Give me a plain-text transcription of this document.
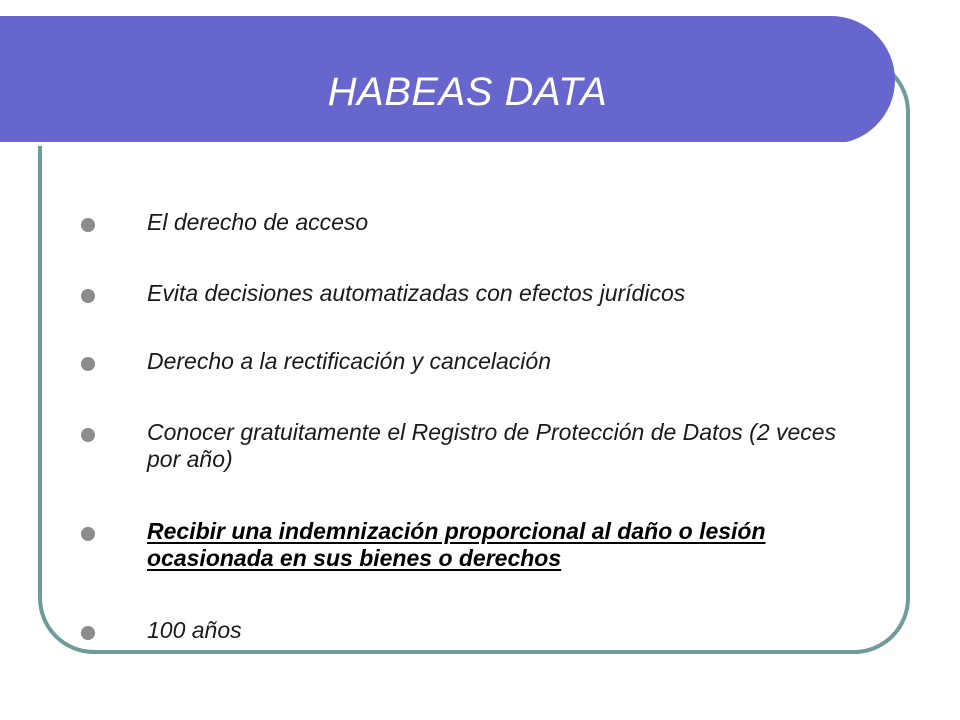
HABEAS DATA
El derecho de acceso
Evita decisiones automatizadas con efectos jurídicos
Derecho a la rectificación y cancelación
Conocer gratuitamente el Registro de Protección de Datos (2 veces por año)
Recibir una indemnización proporcional al daño o lesión ocasionada en sus bienes o derechos
100 años
